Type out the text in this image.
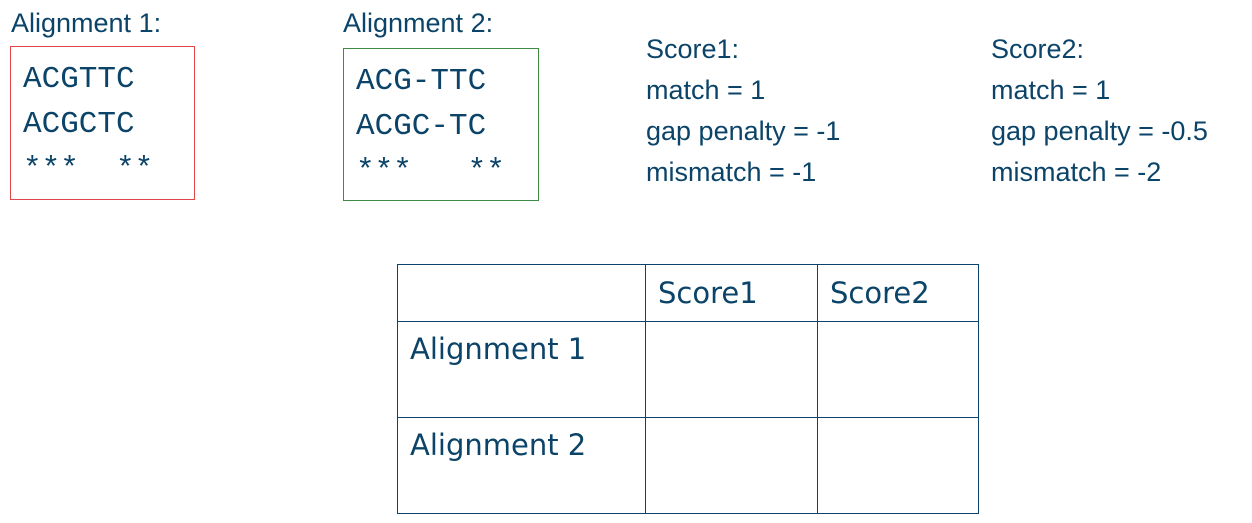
Alignment 1:
ACGTTC
ACGCTC
***  **
Alignment 2:
ACG-TTC
ACGC-TC
***   **
Score1:
match = 1
gap penalty = -1
mismatch = -1
Score2:
match = 1
gap penalty = -0.5
mismatch = -2
	Score1	Score2
Alignment 1		
Alignment 2		
